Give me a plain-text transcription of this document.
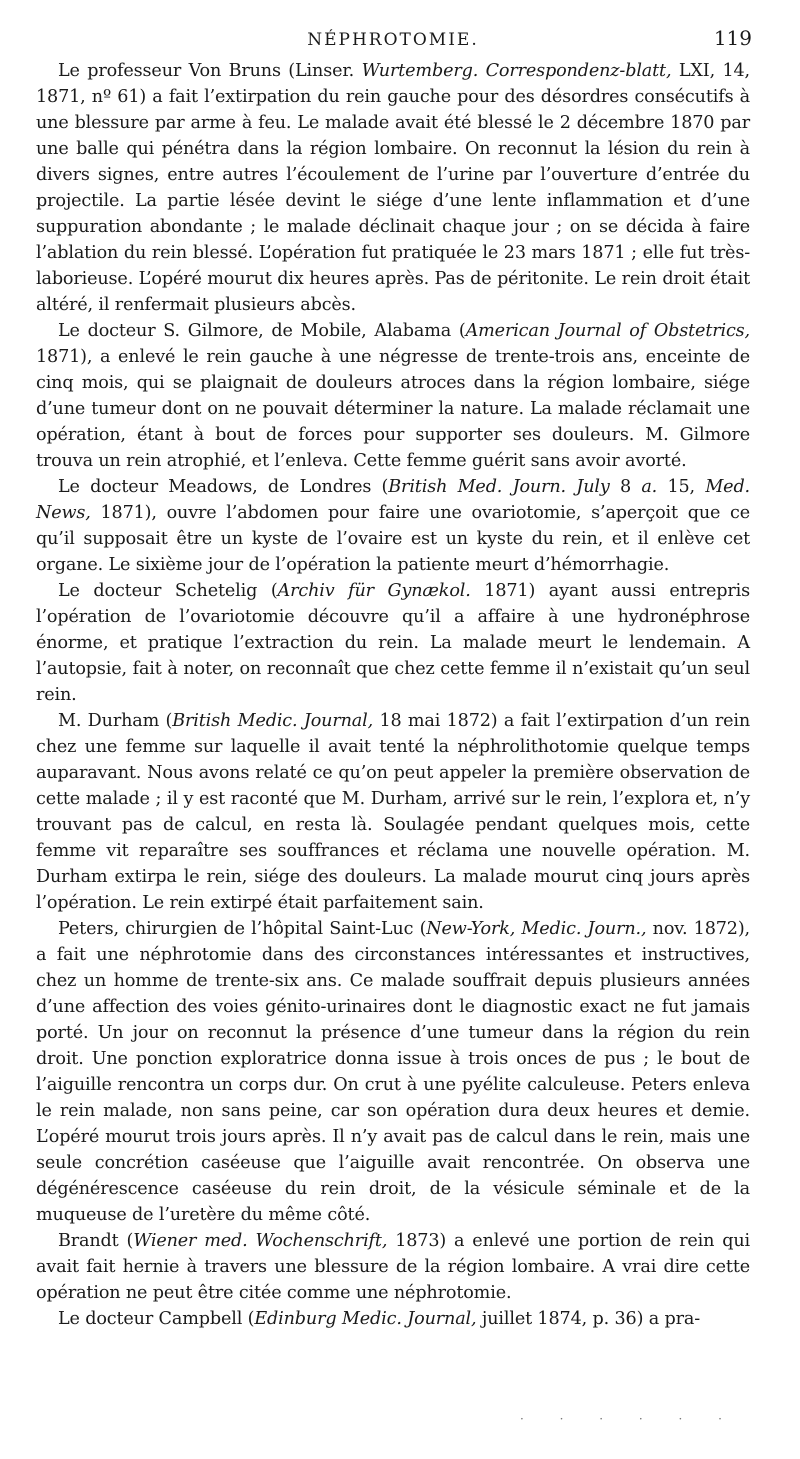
NÉPHROTOMIE.	119

Le professeur Von Bruns (Linser. Wurtemberg. Correspondenz-blatt, LXI, 14, 1871, nº 61) a fait l’extirpation du rein gauche pour des désordres consécutifs à une blessure par arme à feu. Le malade avait été blessé le 2 décembre 1870 par une balle qui pénétra dans la région lombaire. On reconnut la lésion du rein à divers signes, entre autres l’écoulement de l’urine par l’ouverture d’entrée du projectile. La partie lésée devint le siége d’une lente inflammation et d’une suppuration abondante ; le malade déclinait chaque jour ; on se décida à faire l’ablation du rein blessé. L’opération fut pratiquée le 23 mars 1871 ; elle fut très-laborieuse. L’opéré mourut dix heures après. Pas de péritonite. Le rein droit était altéré, il renfermait plusieurs abcès.

Le docteur S. Gilmore, de Mobile, Alabama (American Journal of Obstetrics, 1871), a enlevé le rein gauche à une négresse de trente-trois ans, enceinte de cinq mois, qui se plaignait de douleurs atroces dans la région lombaire, siége d’une tumeur dont on ne pouvait déterminer la nature. La malade réclamait une opération, étant à bout de forces pour supporter ses douleurs. M. Gilmore trouva un rein atrophié, et l’enleva. Cette femme guérit sans avoir avorté.

Le docteur Meadows, de Londres (British Med. Journ. July 8 a. 15, Med. News, 1871), ouvre l’abdomen pour faire une ovariotomie, s’aperçoit que ce qu’il supposait être un kyste de l’ovaire est un kyste du rein, et il enlève cet organe. Le sixième jour de l’opération la patiente meurt d’hémorrhagie.

Le docteur Schetelig (Archiv für Gynækol. 1871) ayant aussi entrepris l’opération de l’ovariotomie découvre qu’il a affaire à une hydronéphrose énorme, et pratique l’extraction du rein. La malade meurt le lendemain. A l’autopsie, fait à noter, on reconnaît que chez cette femme il n’existait qu’un seul rein.

M. Durham (British Medic. Journal, 18 mai 1872) a fait l’extirpation d’un rein chez une femme sur laquelle il avait tenté la néphrolithotomie quelque temps auparavant. Nous avons relaté ce qu’on peut appeler la première observation de cette malade ; il y est raconté que M. Durham, arrivé sur le rein, l’explora et, n’y trouvant pas de calcul, en resta là. Soulagée pendant quelques mois, cette femme vit reparaître ses souffrances et réclama une nouvelle opération. M. Durham extirpa le rein, siége des douleurs. La malade mourut cinq jours après l’opération. Le rein extirpé était parfaitement sain.

Peters, chirurgien de l’hôpital Saint-Luc (New-York, Medic. Journ., nov. 1872), a fait une néphrotomie dans des circonstances intéressantes et instructives, chez un homme de trente-six ans. Ce malade souffrait depuis plusieurs années d’une affection des voies génito-urinaires dont le diagnostic exact ne fut jamais porté. Un jour on reconnut la présence d’une tumeur dans la région du rein droit. Une ponction exploratrice donna issue à trois onces de pus ; le bout de l’aiguille rencontra un corps dur. On crut à une pyélite calculeuse. Peters enleva le rein malade, non sans peine, car son opération dura deux heures et demie. L’opéré mourut trois jours après. Il n’y avait pas de calcul dans le rein, mais une seule concrétion caséeuse que l’aiguille avait rencontrée. On observa une dégénérescence caséeuse du rein droit, de la vésicule séminale et de la muqueuse de l’uretère du même côté.

Brandt (Wiener med. Wochenschrift, 1873) a enlevé une portion de rein qui avait fait hernie à travers une blessure de la région lombaire. A vrai dire cette opération ne peut être citée comme une néphrotomie.

Le docteur Campbell (Edinburg Medic. Journal, juillet 1874, p. 36) a pra-

· · · · · ·
